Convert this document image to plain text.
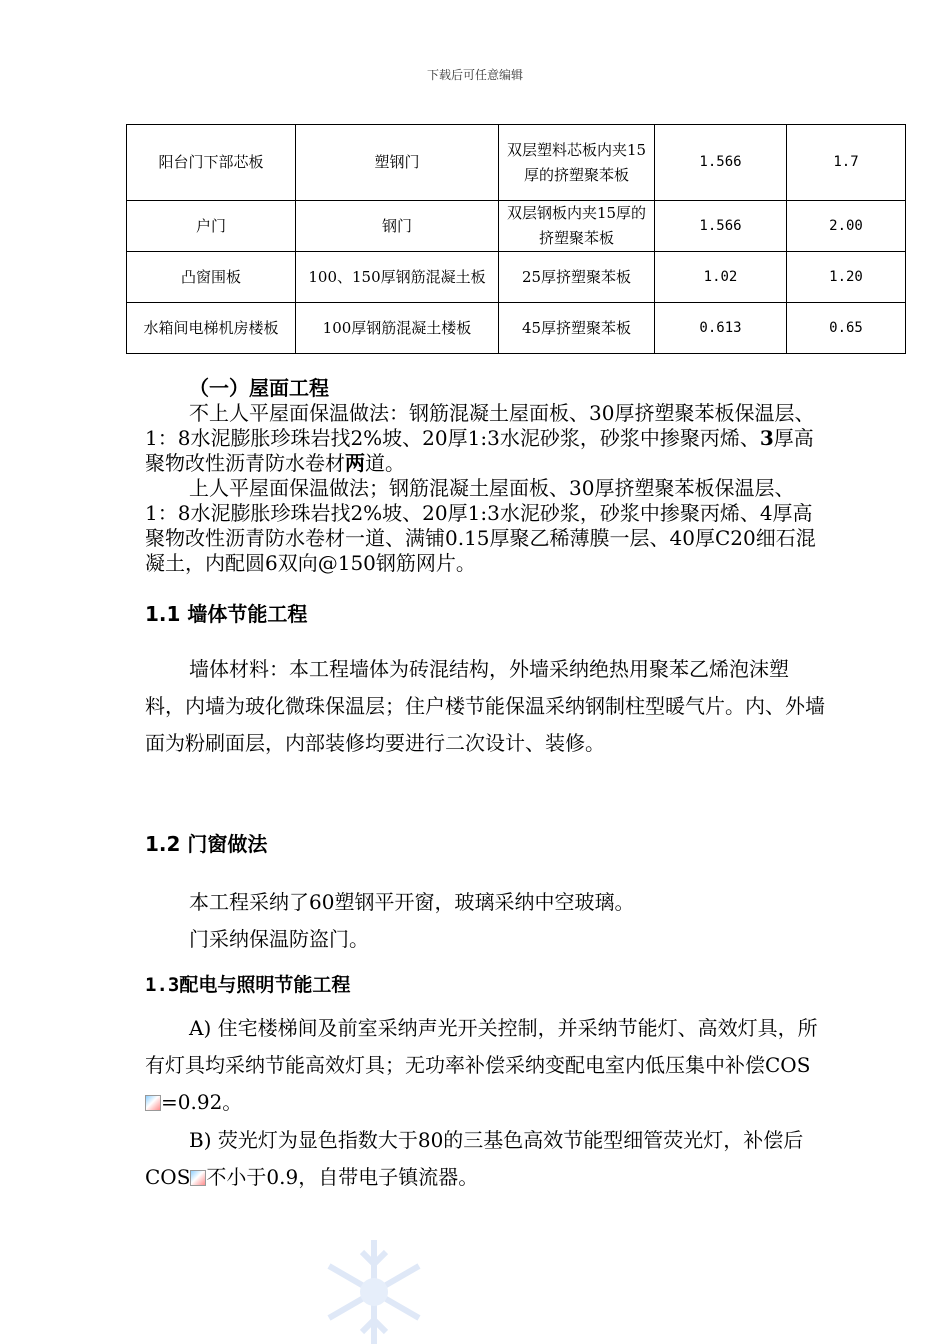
下载后可任意编辑
阳台门下部芯板	塑钢门	双层塑料芯板内夹15厚的挤塑聚苯板	1.566	1.7
户门	钢门	双层钢板内夹15厚的挤塑聚苯板	1.566	2.00
凸窗围板	100、150厚钢筋混凝土板	25厚挤塑聚苯板	1.02	1.20
水箱间电梯机房楼板	100厚钢筋混凝土楼板	45厚挤塑聚苯板	0.613	0.65
（一）屋面工程
不上人平屋面保温做法：钢筋混凝土屋面板、30厚挤塑聚苯板保温层、1：8水泥膨胀珍珠岩找2%坡、20厚1:3水泥砂浆，砂浆中掺聚丙烯、3厚高聚物改性沥青防水卷材两道。
上人平屋面保温做法；钢筋混凝土屋面板、30厚挤塑聚苯板保温层、1：8水泥膨胀珍珠岩找2%坡、20厚1:3水泥砂浆，砂浆中掺聚丙烯、4厚高聚物改性沥青防水卷材一道、满铺0.15厚聚乙稀薄膜一层、40厚C20细石混凝土，内配圆6双向@150钢筋网片。
1.1 墙体节能工程
墙体材料：本工程墙体为砖混结构，外墙采纳绝热用聚苯乙烯泡沫塑料，内墙为玻化微珠保温层；住户楼节能保温采纳钢制柱型暖气片。内、外墙面为粉刷面层，内部装修均要进行二次设计、装修。
1.2 门窗做法
本工程采纳了60塑钢平开窗，玻璃采纳中空玻璃。
门采纳保温防盗门。
1.3配电与照明节能工程
A) 住宅楼梯间及前室采纳声光开关控制，并采纳节能灯、高效灯具，所有灯具均采纳节能高效灯具；无功率补偿采纳变配电室内低压集中补偿COS=0.92。
B) 荧光灯为显色指数大于80的三基色高效节能型细管荧光灯，补偿后COS 不小于0.9，自带电子镇流器。
